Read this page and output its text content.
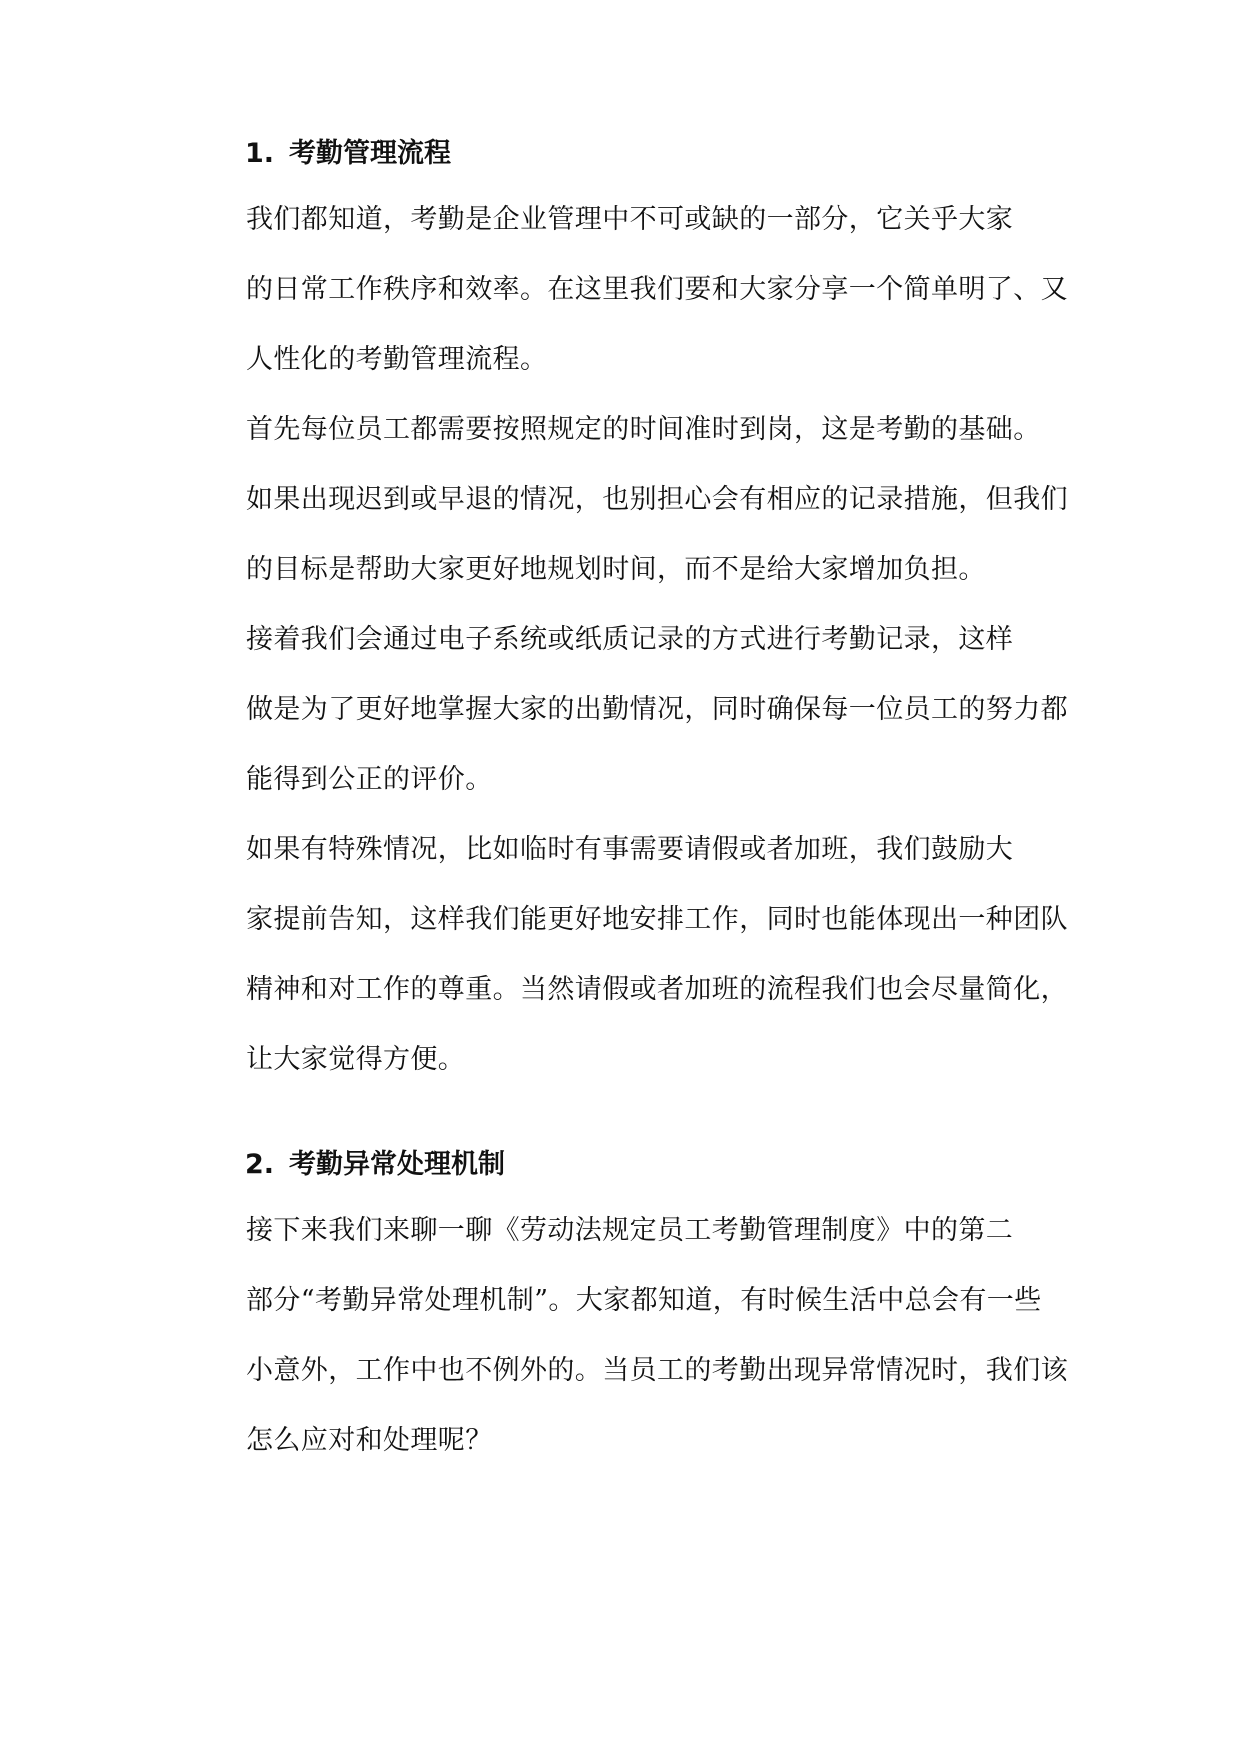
1. 考勤管理流程

我们都知道，考勤是企业管理中不可或缺的一部分，它关乎大家
的日常工作秩序和效率。在这里我们要和大家分享一个简单明了、又
人性化的考勤管理流程。

首先每位员工都需要按照规定的时间准时到岗，这是考勤的基础。
如果出现迟到或早退的情况，也别担心会有相应的记录措施，但我们
的目标是帮助大家更好地规划时间，而不是给大家增加负担。

接着我们会通过电子系统或纸质记录的方式进行考勤记录，这样
做是为了更好地掌握大家的出勤情况，同时确保每一位员工的努力都
能得到公正的评价。

如果有特殊情况，比如临时有事需要请假或者加班，我们鼓励大
家提前告知，这样我们能更好地安排工作，同时也能体现出一种团队
精神和对工作的尊重。当然请假或者加班的流程我们也会尽量简化，
让大家觉得方便。

2. 考勤异常处理机制

接下来我们来聊一聊《劳动法规定员工考勤管理制度》中的第二
部分“考勤异常处理机制”。大家都知道，有时候生活中总会有一些
小意外，工作中也不例外的。当员工的考勤出现异常情况时，我们该
怎么应对和处理呢？
